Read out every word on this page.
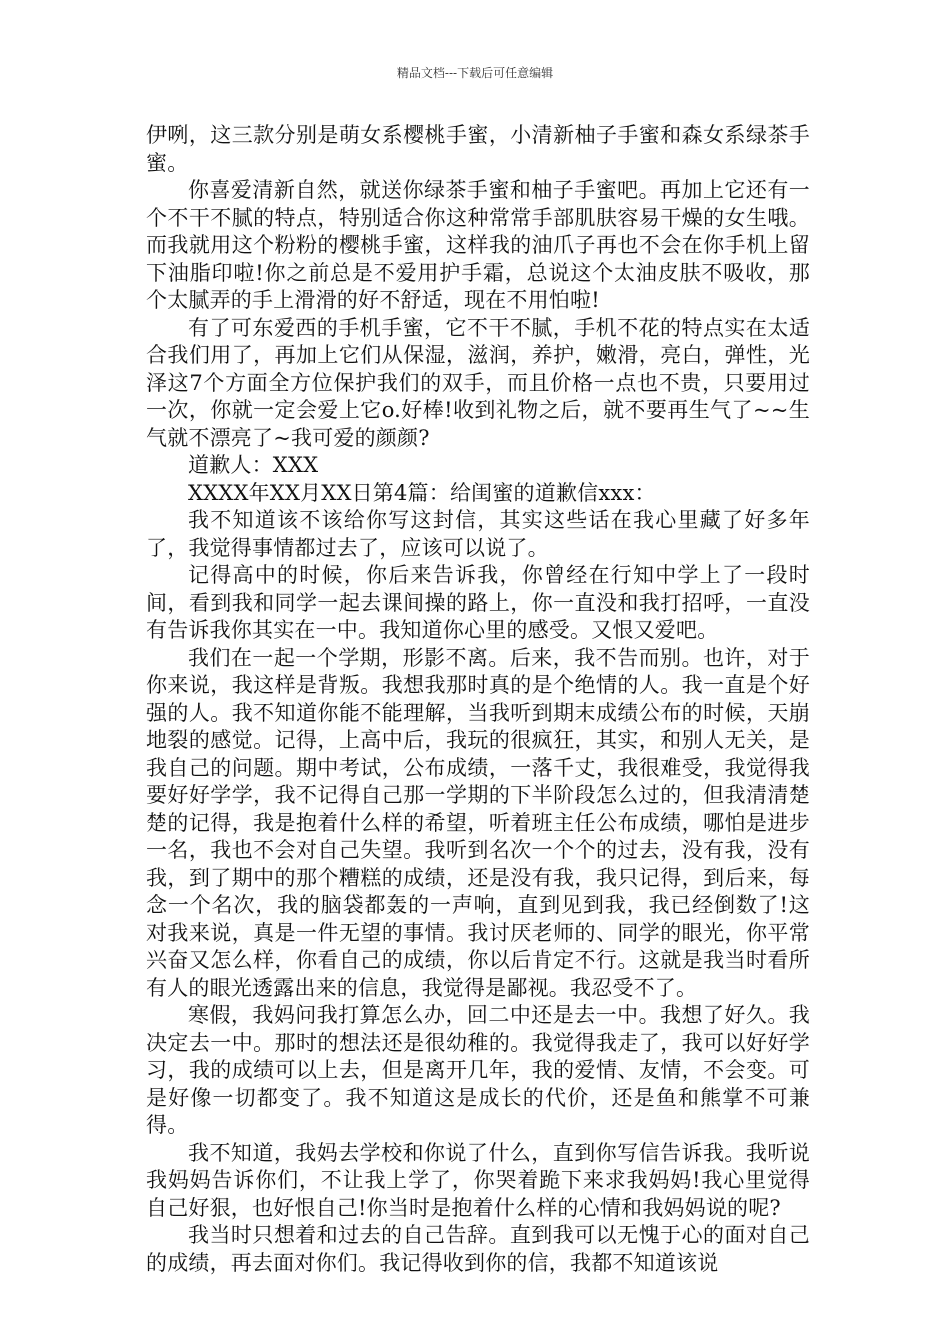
精品文档---下载后可任意编辑

伊咧，这三款分别是萌女系樱桃手蜜，小清新柚子手蜜和森女系绿茶手蜜。

你喜爱清新自然，就送你绿茶手蜜和柚子手蜜吧。再加上它还有一个不干不腻的特点，特别适合你这种常常手部肌肤容易干燥的女生哦。而我就用这个粉粉的樱桃手蜜，这样我的油爪子再也不会在你手机上留下油脂印啦!你之前总是不爱用护手霜，总说这个太油皮肤不吸收，那个太腻弄的手上滑滑的好不舒适，现在不用怕啦!

有了可东爱西的手机手蜜，它不干不腻，手机不花的特点实在太适合我们用了，再加上它们从保湿，滋润，养护，嫩滑，亮白，弹性，光泽这7个方面全方位保护我们的双手，而且价格一点也不贵，只要用过一次，你就一定会爱上它o.好棒!收到礼物之后，就不要再生气了~~生气就不漂亮了~我可爱的颜颜?

道歉人：XXX

XXXX年XX月XX日第4篇：给闺蜜的道歉信xxx：

我不知道该不该给你写这封信，其实这些话在我心里藏了好多年了，我觉得事情都过去了，应该可以说了。

记得高中的时候，你后来告诉我，你曾经在行知中学上了一段时间，看到我和同学一起去课间操的路上，你一直没和我打招呼，一直没有告诉我你其实在一中。我知道你心里的感受。又恨又爱吧。

我们在一起一个学期，形影不离。后来，我不告而别。也许，对于你来说，我这样是背叛。我想我那时真的是个绝情的人。我一直是个好强的人。我不知道你能不能理解，当我听到期末成绩公布的时候，天崩地裂的感觉。记得，上高中后，我玩的很疯狂，其实，和别人无关，是我自己的问题。期中考试，公布成绩，一落千丈，我很难受，我觉得我要好好学学，我不记得自己那一学期的下半阶段怎么过的，但我清清楚楚的记得，我是抱着什么样的希望，听着班主任公布成绩，哪怕是进步一名，我也不会对自己失望。我听到名次一个个的过去，没有我，没有我，到了期中的那个糟糕的成绩，还是没有我，我只记得，到后来，每念一个名次，我的脑袋都轰的一声响，直到见到我，我已经倒数了!这对我来说，真是一件无望的事情。我讨厌老师的、同学的眼光，你平常兴奋又怎么样，你看自己的成绩，你以后肯定不行。这就是我当时看所有人的眼光透露出来的信息，我觉得是鄙视。我忍受不了。

寒假，我妈问我打算怎么办，回二中还是去一中。我想了好久。我决定去一中。那时的想法还是很幼稚的。我觉得我走了，我可以好好学习，我的成绩可以上去，但是离开几年，我的爱情、友情，不会变。可是好像一切都变了。我不知道这是成长的代价，还是鱼和熊掌不可兼得。

我不知道，我妈去学校和你说了什么，直到你写信告诉我。我听说我妈妈告诉你们，不让我上学了，你哭着跪下来求我妈妈!我心里觉得自己好狠，也好恨自己!你当时是抱着什么样的心情和我妈妈说的呢?

我当时只想着和过去的自己告辞。直到我可以无愧于心的面对自己的成绩，再去面对你们。我记得收到你的信，我都不知道该说
